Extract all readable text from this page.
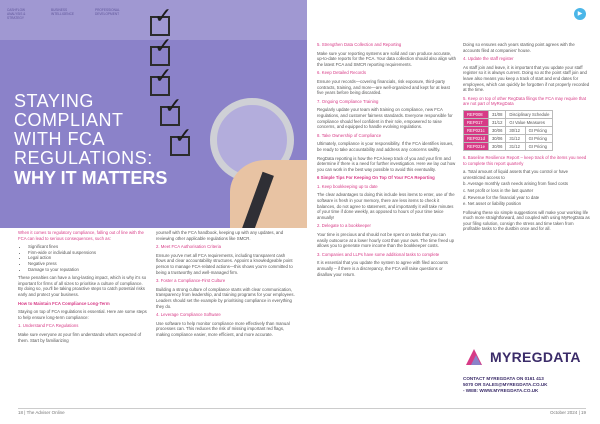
CASHFLOW ANALYSIS & STRATEGY
BUSINESS INTELLIGENCE
PROFESSIONAL DEVELOPMENT ✓
✓
✓
✓
✓

STAYING

COMPLIANT

WITH FCA

REGULATIONS:

WHY IT MATTERS

▶

When it comes to regulatory compliance, falling out of line with the FCA can lead to serious consequences, such as:

• Significant fines
• Firm-wide or individual suspensions
• Legal action
• Negative press
• Damage to your reputation

These penalties can have a long-lasting impact, which is why it's so important for firms of all sizes to prioritise a culture of compliance. By doing so, you'll be taking proactive steps to catch potential risks early and protect your business.

How to Maintain FCA Compliance Long-Term

Staying on top of FCA regulations is essential. Here are some steps to help ensure long-term compliance:

1. Understand FCA Regulations

Make sure everyone at your firm understands what's expected of them. Start by familiarizing

yourself with the FCA handbook, keeping up with any updates, and reviewing other applicable regulations like SMCR.

2. Meet FCA Authorisation Criteria

Ensure you've met all FCA requirements, including transparent cash flows and clear accountability structures. Appoint a knowledgeable point person to manage FCA-related actions—this shows you're committed to being a trustworthy and well-managed firm.

3. Foster a Compliance-First Culture

Building a strong culture of compliance starts with clear communication, transparency from leadership, and training programs for your employees. Leaders should set the example by prioritising compliance in everything they do.

4. Leverage Compliance Software

Use software to help monitor compliance more effectively than manual processes can. This reduces the risk of missing important red flags, making compliance easier, more efficient, and more accurate.

5. Strengthen Data Collection and Reporting

Make sure your reporting systems are solid and can produce accurate, up-to-date reports for the FCA. Your data collection should also align with the latest FCA and SMCR reporting requirements.

6. Keep Detailed Records

Ensure your records—covering financials, risk exposure, third-party contracts, training, and more—are well-organized and kept for at least five years before being discarded.

7. Ongoing Compliance Training

Regularly update your team with training on compliance, new FCA regulations, and customer fairness standards. Everyone responsible for compliance should feel confident in their role, empowered to raise concerns, and equipped to handle evolving regulations.

8. Take Ownership of Compliance

Ultimately, compliance is your responsibility. If the FCA identifies issues, be ready to take accountability and address any concerns swiftly.

RegData reporting is how the FCA keep track of you and your firm and determine if there is a need for further investigation. Here we lay out how you can work in the best way possible to avoid this eventuality.

6 Simple Tips For Keeping On Top Of Your FCA Reporting

1. Keep bookkeeping up to date

The clear advantages to doing this include less items to enter, use of the software is fresh in your memory, there are less items to check it balances, do not agree to statement, and importantly it will take minutes of your time if done weekly, as opposed to hours of your time twice annually!

2. Delegate to a bookkeeper

Your time is precious and should not be spent on tasks that you can easily outsource at a lower hourly cost than your own. The time freed up allows you to generate more income than the bookkeeper costs.

3. Companies and LLPs have some additional tasks to complete

It is essential that you update the system to agree with filed accounts annually – if there is a discrepancy, the FCA will raise questions or disallow your return.

Doing so ensures each years starting point agrees with the accounts filed at companies' house.

4. Update the staff register

As staff join and leave, it is important that you update your staff register so it is always current. Doing so at the point staff join and leave also means you keep a track of start and end dates for employees, which can quickly be forgotten if not properly recorded at the time.

5. Keep on top of other RegData filings the FCA may require that are not part of MyRegData

REP008	31/08	Disciplinary Schedule	
REP017	31/12	GI Value Measures	
REP021c	30/06	30/12	GI Pricing
REP021d	30/06	31/12	GI Pricing
REP021e	30/06	31/12	GI Pricing

6. Baseline Resilience Report – keep track of the items you need to complete this report quarterly

a. Total amount of liquid assets that you control or have unrestricted access to
b. Average monthly cash needs arising from fixed costs
c. Net profit or loss in the last quarter
d. Revenue for the financial year to date
e. Net asset or liability position

Following these six simple suggestions will make your working life much more straightforward, and coupled with using MyRegData as your filing solution, consign the stress and time taken from profitable tasks to the dustbin once and for all.

MYREGDATA
CONTACT MYREGDATA ON 0161 413
5070 OR SALES@MYREGDATA.CO.UK
- WEB: WWW.MYREGDATA.CO.UK
18 | The Adviser Online	October 2024 | 19
